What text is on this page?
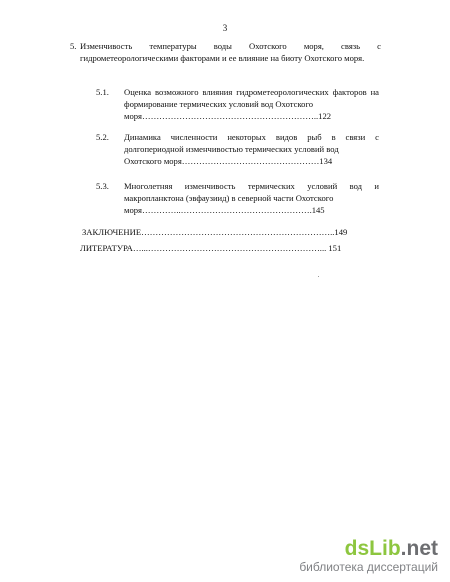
3
5. Изменчивость температуры воды Охотского моря, связь с гидрометеорологическими факторами и ее влияние на биоту Охотского моря.
5.1. Оценка возможного влияния гидрометеорологических факторов на формирование термических условий вод Охотского
моря……………………………………………………..122
5.2. Динамика численности некоторых видов рыб в связи с долгопериодной изменчивостью термических условий вод
Охотского моря…………………………………………134
5.3. Многолетняя изменчивость термических условий вод и макропланктона (эвфаузиид) в северной части Охотского
моря…………..……………………………………….145
ЗАКЛЮЧЕНИЕ…………………………………………………………..149
ЛИТЕРАТУРА…...……………………………………………………... 151
dsLib.net
библиотека диссертаций
